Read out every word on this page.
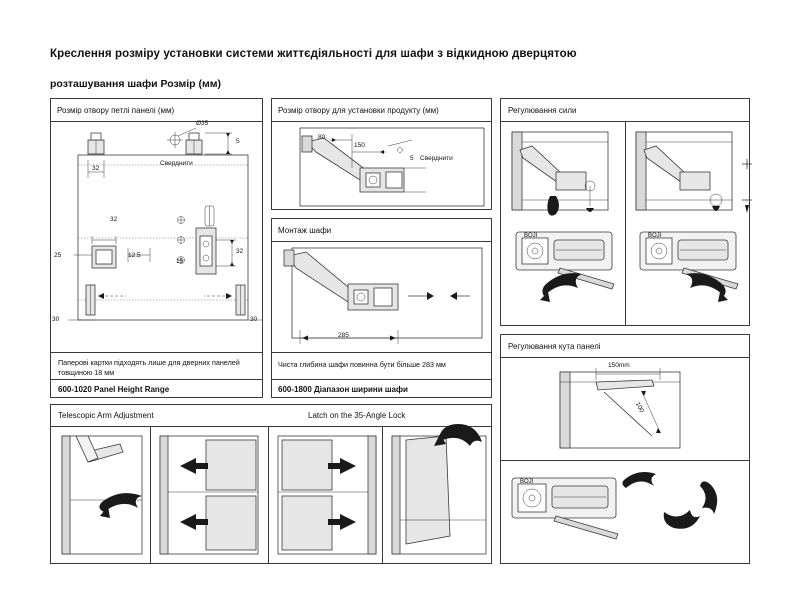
Креслення розміру установки системи життєдіяльності для шафи з відкидною дверцятою
розташування шафи Розмір (мм)
Розмір отвору петлі панелі (мм)
Паперові картки підходять лише для дверних панелей товщиною 18 мм
600-1020 Panel Height Range
Ø35
5
Сверднити
32
32
25	12.5
15
32
30	30
Розмір отвору для установки продукту (мм)
80
150
Сверднити
5
Монтаж шафи
Чиста глибина шафи повинна бути більше 283 мм
600-1800 Діапазон ширини шафи
285
Регулювання сили
BOJI	BOJI
Регулювання кута панелі
150mm
100
BOJI
Telescopic Arm Adjustment	Latch on the 35-Angle Lock
